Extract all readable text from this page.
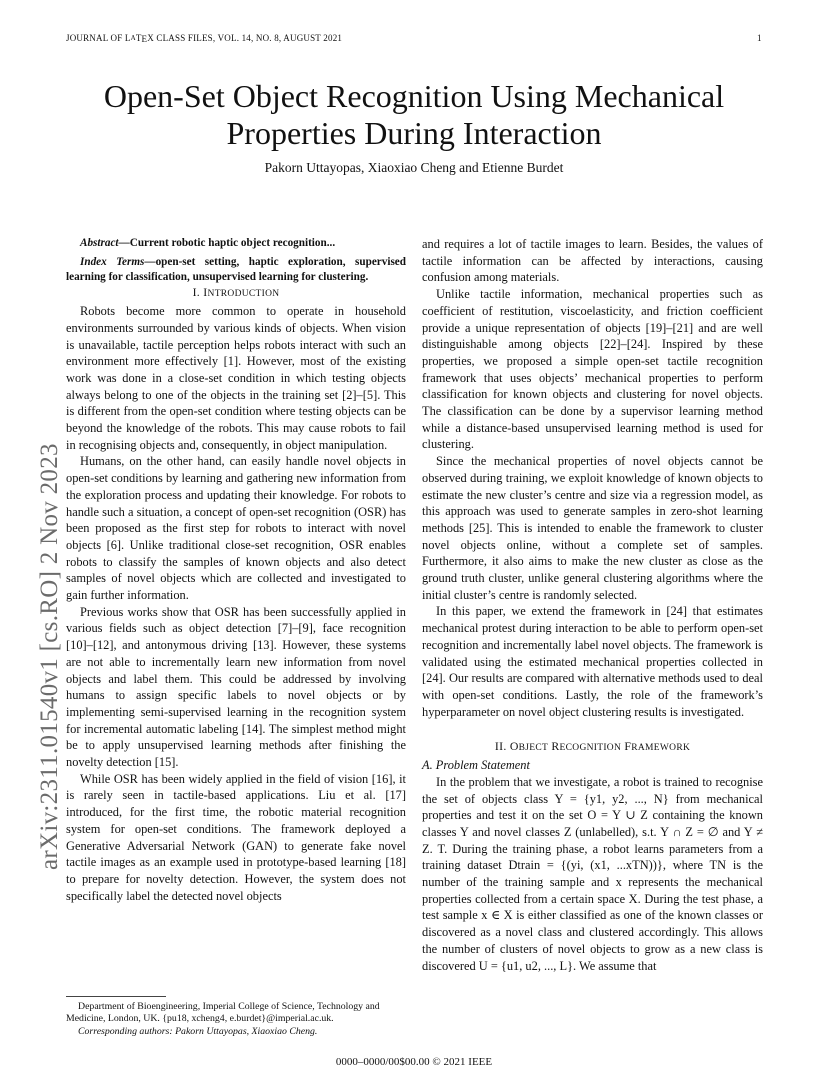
JOURNAL OF LATEX CLASS FILES, VOL. 14, NO. 8, AUGUST 2021	1
arXiv:2311.01540v1 [cs.RO] 2 Nov 2023
Open-Set Object Recognition Using Mechanical Properties During Interaction
Pakorn Uttayopas, Xiaoxiao Cheng and Etienne Burdet

Abstract—Current robotic haptic object recognition...

Index Terms—open-set setting, haptic exploration, supervised learning for classification, unsupervised learning for clustering.

I. INTRODUCTION

Robots become more common to operate in household environments surrounded by various kinds of objects. When vision is unavailable, tactile perception helps robots interact with such an environment more effectively [1]. However, most of the existing work was done in a close-set condition in which testing objects always belong to one of the objects in the training set [2]–[5]. This is different from the open-set condition where testing objects can be beyond the knowledge of the robots. This may cause robots to fail in recognising objects and, consequently, in object manipulation.

Humans, on the other hand, can easily handle novel objects in open-set conditions by learning and gathering new information from the exploration process and updating their knowledge. For robots to handle such a situation, a concept of open-set recognition (OSR) has been proposed as the first step for robots to interact with novel objects [6]. Unlike traditional close-set recognition, OSR enables robots to classify the samples of known objects and also detect samples of novel objects which are collected and investigated to gain further information.

Previous works show that OSR has been successfully applied in various fields such as object detection [7]–[9], face recognition [10]–[12], and antonymous driving [13]. However, these systems are not able to incrementally learn new information from novel objects and label them. This could be addressed by involving humans to assign specific labels to novel objects or by implementing semi-supervised learning in the recognition system for incremental automatic labeling [14]. The simplest method might be to apply unsupervised learning methods after finishing the novelty detection [15].

While OSR has been widely applied in the field of vision [16], it is rarely seen in tactile-based applications. Liu et al. [17] introduced, for the first time, the robotic material recognition system for open-set conditions. The framework deployed a Generative Adversarial Network (GAN) to generate fake novel tactile images as an example used in prototype-based learning [18] to prepare for novelty detection. However, the system does not specifically label the detected novel objects

Department of Bioengineering, Imperial College of Science, Technology and Medicine, London, UK. {pu18, xcheng4, e.burdet}@imperial.ac.uk.

Corresponding authors: Pakorn Uttayopas, Xiaoxiao Cheng.

and requires a lot of tactile images to learn. Besides, the values of tactile information can be affected by interactions, causing confusion among materials.

Unlike tactile information, mechanical properties such as coefficient of restitution, viscoelasticity, and friction coefficient provide a unique representation of objects [19]–[21] and are well distinguishable among objects [22]–[24]. Inspired by these properties, we proposed a simple open-set tactile recognition framework that uses objects’ mechanical properties to perform classification for known objects and clustering for novel objects. The classification can be done by a supervisor learning method while a distance-based unsupervised learning method is used for clustering.

Since the mechanical properties of novel objects cannot be observed during training, we exploit knowledge of known objects to estimate the new cluster’s centre and size via a regression model, as this approach was used to generate samples in zero-shot learning methods [25]. This is intended to enable the framework to cluster novel objects online, without a complete set of samples. Furthermore, it also aims to make the new cluster as close as the ground truth cluster, unlike general clustering algorithms where the initial cluster’s centre is randomly selected.

In this paper, we extend the framework in [24] that estimates mechanical protest during interaction to be able to perform open-set recognition and incrementally label novel objects. The framework is validated using the estimated mechanical properties collected in [24]. Our results are compared with alternative methods used to deal with open-set conditions. Lastly, the role of the framework’s hyperparameter on novel object clustering results is investigated.

II. OBJECT RECOGNITION FRAMEWORK

A. Problem Statement

In the problem that we investigate, a robot is trained to recognise the set of objects class Y = {y1, y2, ..., N} from mechanical properties and test it on the set O = Y ∪ Z containing the known classes Y and novel classes Z (unlabelled), s.t. Y ∩ Z = ∅ and Y ≠ Z. T. During the training phase, a robot learns parameters from a training dataset Dtrain = {(yi, (x1, ...xTN))}, where TN is the number of the training sample and x represents the mechanical properties collected from a certain space X. During the test phase, a test sample x ∈ X is either classified as one of the known classes or discovered as a novel class and clustered accordingly. This allows the number of clusters of novel objects to grow as a new class is discovered U = {u1, u2, ..., L}. We assume that

0000–0000/00$00.00 © 2021 IEEE
